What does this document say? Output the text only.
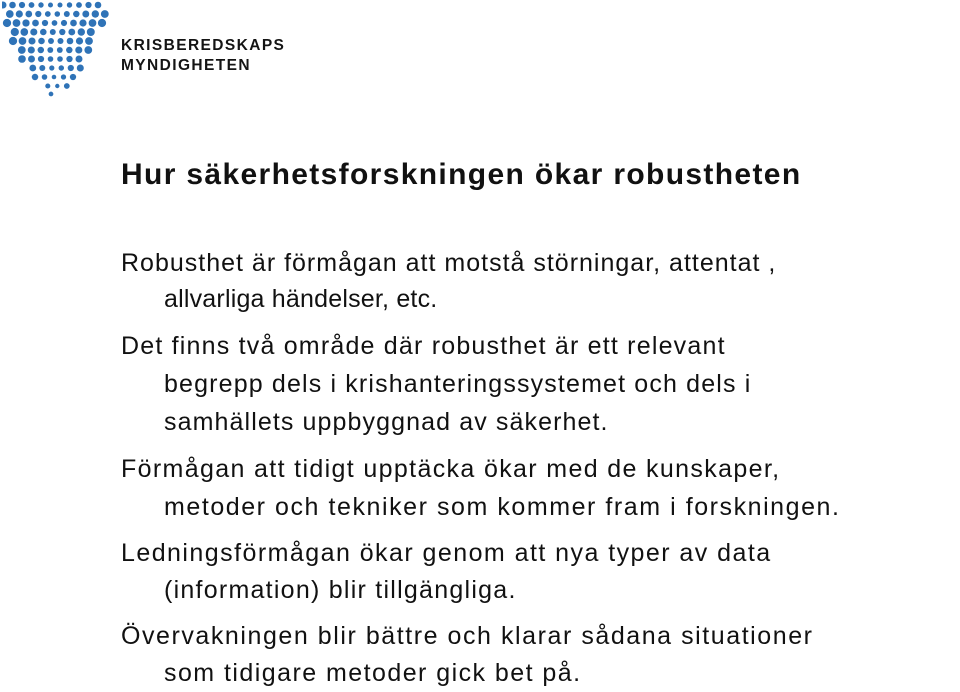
KRISBEREDSKAPS
MYNDIGHETEN
Hur säkerhetsforskningen ökar robustheten
Robusthet är förmågan att motstå störningar, attentat ,
allvarliga händelser, etc.
Det finns två område där robusthet är ett relevant
begrepp dels i krishanteringssystemet och dels i
samhällets uppbyggnad av säkerhet.
Förmågan att tidigt upptäcka ökar med de kunskaper,
metoder och tekniker som kommer fram i forskningen.
Ledningsförmågan ökar genom att nya typer av data
(information) blir tillgängliga.
Övervakningen blir bättre och klarar sådana situationer
som tidigare metoder gick bet på.
